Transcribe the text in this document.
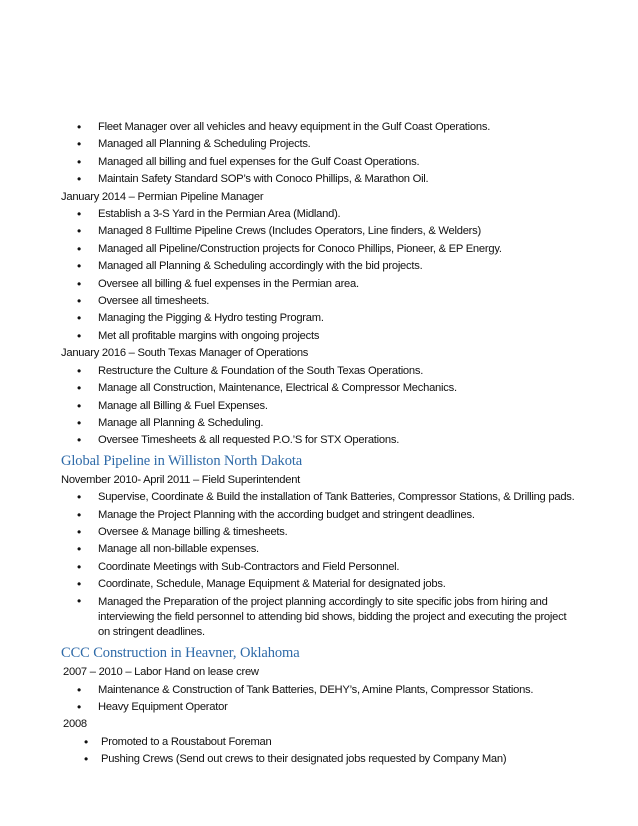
• Fleet Manager over all vehicles and heavy equipment in the Gulf Coast Operations.
• Managed all Planning & Scheduling Projects.
• Managed all billing and fuel expenses for the Gulf Coast Operations.
• Maintain Safety Standard SOP’s with Conoco Phillips, & Marathon Oil.
January 2014 – Permian Pipeline Manager
• Establish a 3-S Yard in the Permian Area (Midland).
• Managed 8 Fulltime Pipeline Crews (Includes Operators, Line finders, & Welders)
• Managed all Pipeline/Construction projects for Conoco Phillips, Pioneer, & EP Energy.
• Managed all Planning & Scheduling accordingly with the bid projects.
• Oversee all billing & fuel expenses in the Permian area.
• Oversee all timesheets.
• Managing the Pigging & Hydro testing Program.
• Met all profitable margins with ongoing projects
January 2016 – South Texas Manager of Operations
• Restructure the Culture & Foundation of the South Texas Operations.
• Manage all Construction, Maintenance, Electrical & Compressor Mechanics.
• Manage all Billing & Fuel Expenses.
• Manage all Planning & Scheduling.
• Oversee Timesheets & all requested P.O.’S for STX Operations.
Global Pipeline in Williston North Dakota
November 2010- April 2011 – Field Superintendent
• Supervise, Coordinate & Build the installation of Tank Batteries, Compressor Stations, & Drilling pads.
• Manage the Project Planning with the according budget and stringent deadlines.
• Oversee & Manage billing & timesheets.
• Manage all non-billable expenses.
• Coordinate Meetings with Sub-Contractors and Field Personnel.
• Coordinate, Schedule, Manage Equipment & Material for designated jobs.
• Managed the Preparation of the project planning accordingly to site specific jobs from hiring and interviewing the field personnel to attending bid shows, bidding the project and executing the project on stringent deadlines.
CCC Construction in Heavner, Oklahoma
2007 – 2010 – Labor Hand on lease crew
• Maintenance & Construction of Tank Batteries, DEHY’s, Amine Plants, Compressor Stations.
• Heavy Equipment Operator
2008
• Promoted to a Roustabout Foreman
• Pushing Crews (Send out crews to their designated jobs requested by Company Man)
